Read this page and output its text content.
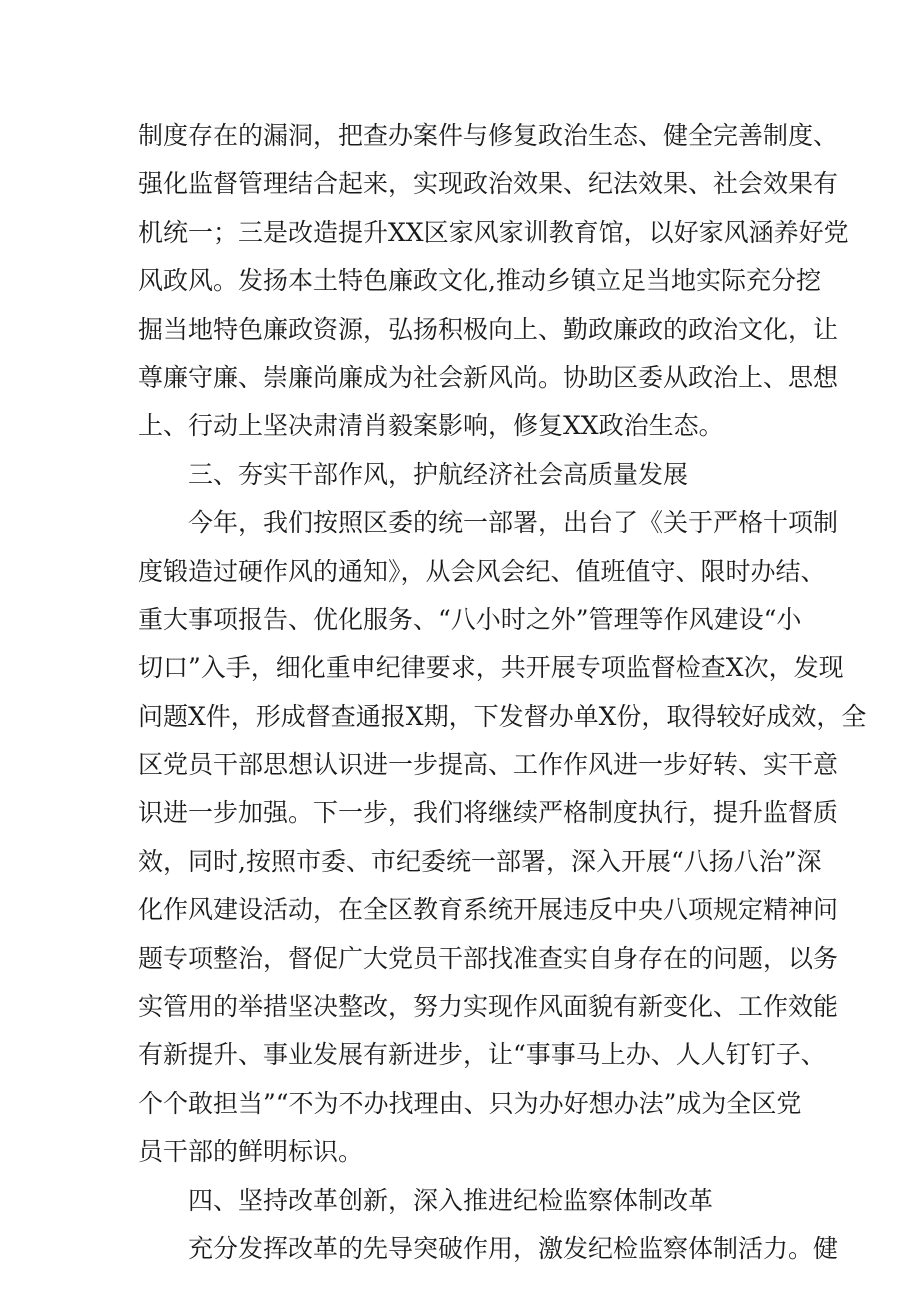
制度存在的漏洞，把查办案件与修复政治生态、健全完善制度、
强化监督管理结合起来，实现政治效果、纪法效果、社会效果有
机统一；三是改造提升XX区家风家训教育馆，以好家风涵养好党
风政风。发扬本土特色廉政文化,推动乡镇立足当地实际充分挖
掘当地特色廉政资源，弘扬积极向上、勤政廉政的政治文化，让
尊廉守廉、崇廉尚廉成为社会新风尚。协助区委从政治上、思想
上、行动上坚决肃清肖毅案影响，修复XX政治生态。
三、夯实干部作风，护航经济社会高质量发展
今年，我们按照区委的统一部署，出台了《关于严格十项制
度锻造过硬作风的通知》，从会风会纪、值班值守、限时办结、
重大事项报告、优化服务、“八小时之外”管理等作风建设“小
切口”入手，细化重申纪律要求，共开展专项监督检查X次，发现
问题X件，形成督查通报X期，下发督办单X份，取得较好成效，全
区党员干部思想认识进一步提高、工作作风进一步好转、实干意
识进一步加强。下一步，我们将继续严格制度执行，提升监督质
效，同时,按照市委、市纪委统一部署，深入开展“八扬八治”深
化作风建设活动，在全区教育系统开展违反中央八项规定精神问
题专项整治，督促广大党员干部找准查实自身存在的问题，以务
实管用的举措坚决整改，努力实现作风面貌有新变化、工作效能
有新提升、事业发展有新进步，让“事事马上办、人人钉钉子、
个个敢担当”“不为不办找理由、只为办好想办法”成为全区党
员干部的鲜明标识。
四、坚持改革创新，深入推进纪检监察体制改革
充分发挥改革的先导突破作用，激发纪检监察体制活力。健
